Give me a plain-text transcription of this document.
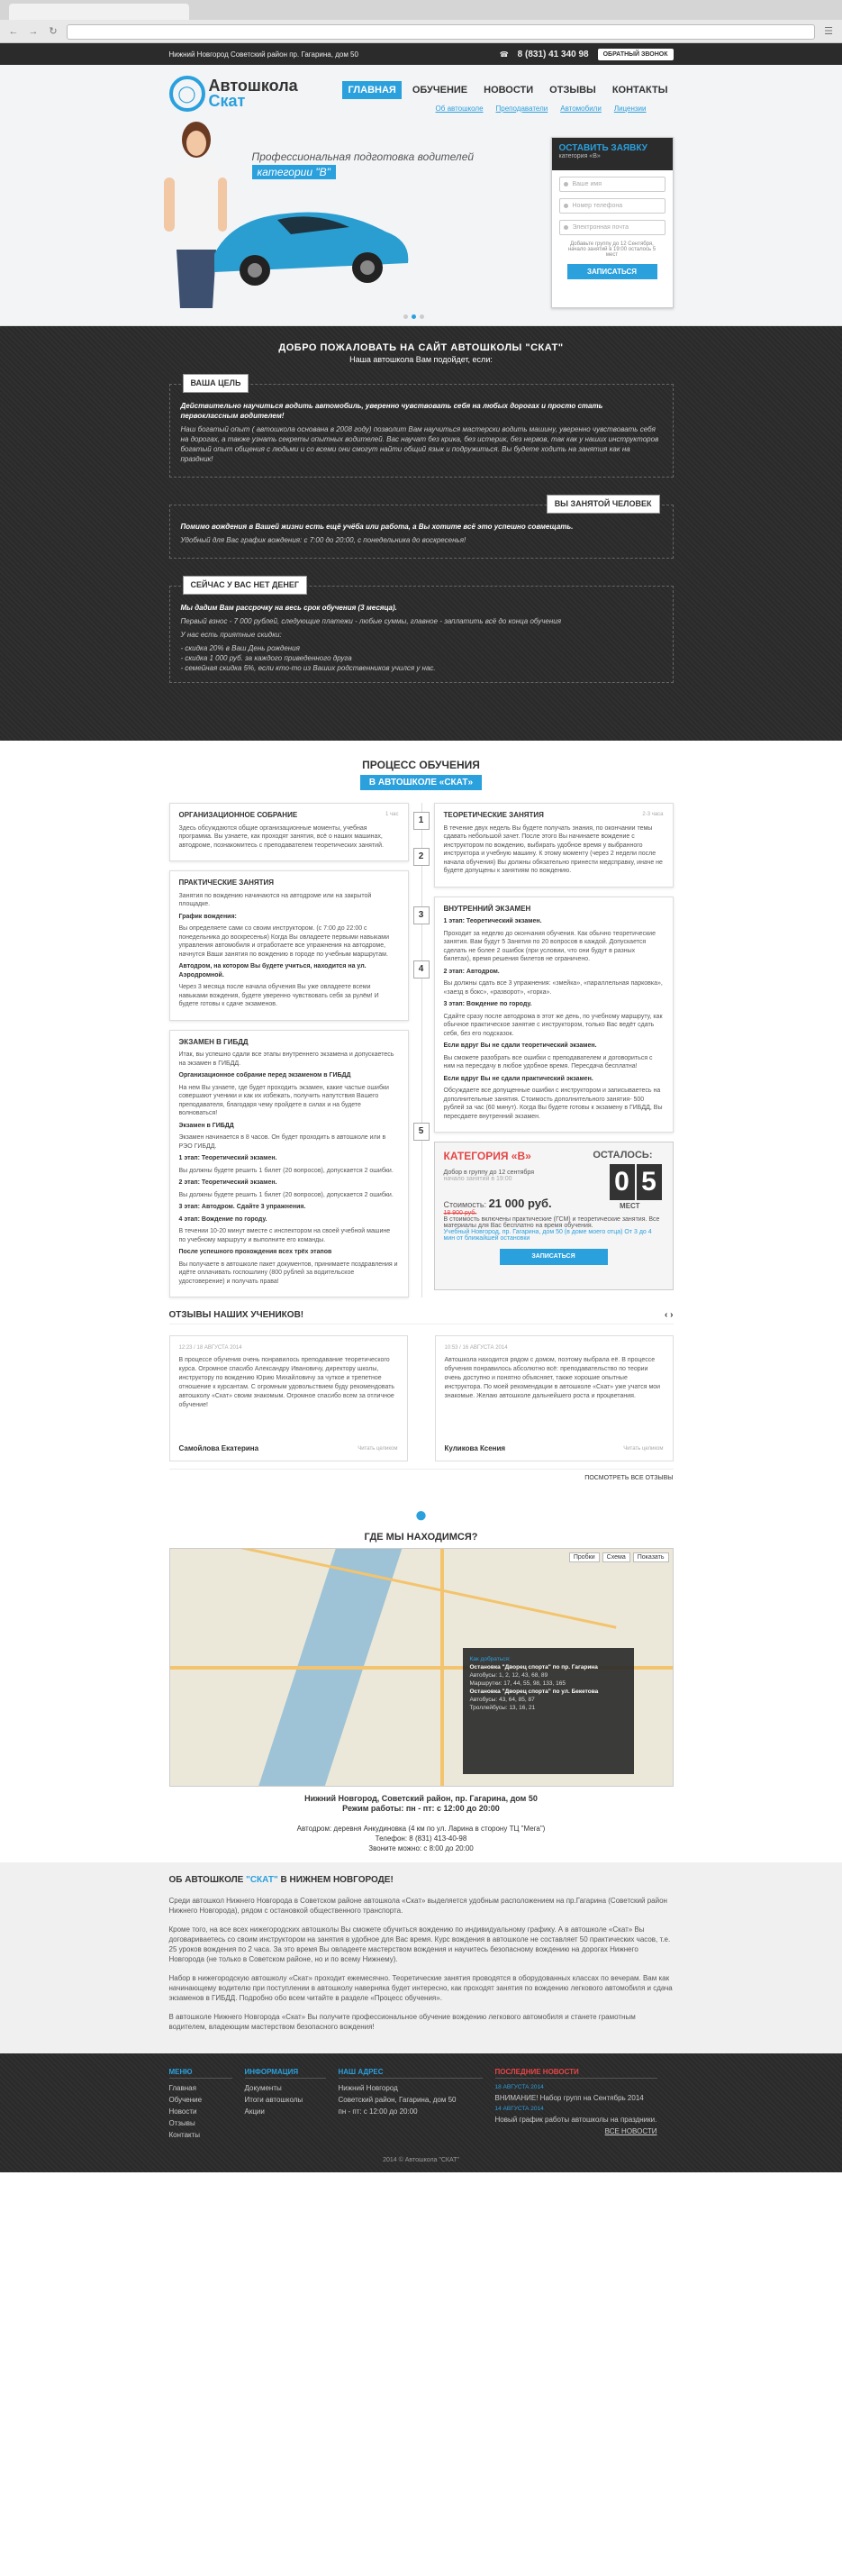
← → ↻	☰
Нижний Новгород Советский район пр. Гагарина, дом 50	☎ 8 (831) 41 340 98	ОБРАТНЫЙ ЗВОНОК
◯ Автошкола
Скат
ГЛАВНАЯ	ОБУЧЕНИЕ	НОВОСТИ	ОТЗЫВЫ	КОНТАКТЫ
Об автошколе Преподаватели Автомобили Лицензии
Профессиональная подготовка водителей
категории "В"
ОСТАВИТЬ ЗАЯВКУ
категория «В»
Ваше имя
Номер телефона
Электронная почта
Добавьте группу до 12 Сентября, начало занятий в 19:00 осталось 5 мест
ЗАПИСАТЬСЯ
ДОБРО ПОЖАЛОВАТЬ НА САЙТ АВТОШКОЛЫ "СКАТ"
Наша автошкола Вам подойдет, если:
ВАША ЦЕЛЬ

Действительно научиться водить автомобиль, уверенно чувствовать себя на любых дорогах и просто стать первоклассным водителем!

Наш богатый опыт ( автошкола основана в 2008 году) позволит Вам научиться мастерски водить машину, уверенно чувствовать себя на дорогах, а также узнать секреты опытных водителей. Вас научат без крика, без истерик, без нервов, так как у наших инструкторов богатый опыт общения с людьми и со всеми они смогут найти общий язык и подружиться. Вы будете ходить на занятия как на праздник!

ВЫ ЗАНЯТОЙ ЧЕЛОВЕК

Помимо вождения в Вашей жизни есть ещё учёба или работа, а Вы хотите всё это успешно совмещать.

Удобный для Вас график вождения: с 7:00 до 20:00, с понедельника до воскресенья!

СЕЙЧАС У ВАС НЕТ ДЕНЕГ

Мы дадим Вам рассрочку на весь срок обучения (3 месяца).

Первый взнос - 7 000 рублей, следующие платежи - любые суммы, главное - заплатить всё до конца обучения

У нас есть приятные скидки:

- скидка 20% в Ваш День рождения
- скидка 1 000 руб. за каждого приведенного друга
- семейная скидка 5%, если кто-то из Ваших родственников учился у нас.
ПРОЦЕСС ОБУЧЕНИЯ
В АВТОШКОЛЕ «СКАТ»
1
2
3
4
5
ОРГАНИЗАЦИОННОЕ СОБРАНИЕ	1 час

Здесь обсуждаются общие организационные моменты, учебная программа. Вы узнаете, как проходят занятия, всё о наших машинах, автодроме, познакомитесь с преподавателем теоретических занятий.

ПРАКТИЧЕСКИЕ ЗАНЯТИЯ

Занятия по вождению начинаются на автодроме или на закрытой площадке.

График вождения:

Вы определяете сами со своим инструктором. (с 7:00 до 22:00 с понедельника до воскресенья) Когда Вы овладеете первыми навыками управления автомобиля и отработаете все упражнения на автодроме, начнутся Ваши занятия по вождению в городе по учебным маршрутам.

Автодром, на котором Вы будете учиться, находится на ул. Аэродромной.

Через 3 месяца после начала обучения Вы уже овладеете всеми навыками вождения, будете уверенно чувствовать себя за рулём! И будете готовы к сдаче экзаменов.

ЭКЗАМЕН В ГИБДД

Итак, вы успешно сдали все этапы внутреннего экзамена и допускаетесь на экзамен в ГИБДД.

Организационное собрание перед экзаменом в ГИБДД

На нем Вы узнаете, где будет проходить экзамен, какие частые ошибки совершают ученики и как их избежать, получить напутствия Вашего преподавателя, благодаря чему пройдете в силах и на будете волноваться!

Экзамен в ГИБДД

Экзамен начинается в 8 часов. Он будет проходить в автошколе или в РЭО ГИБДД.

1 этап: Теоретический экзамен.

Вы должны будете решить 1 билет (20 вопросов), допускается 2 ошибки.

2 этап: Теоретический экзамен.

Вы должны будете решить 1 билет (20 вопросов), допускается 2 ошибки.

3 этап: Автодром. Сдайте 3 упражнения.

4 этап: Вождение по городу.

В течении 10-20 минут вместе с инспектором на своей учебной машине по учебному маршруту и выполните его команды.

После успешного прохождения всех трёх этапов

Вы получаете в автошколе пакет документов, принимаете поздравления и идёте оплачивать госпошлину (800 рублей за водительское удостоверение) и получать права!

ТЕОРЕТИЧЕСКИЕ ЗАНЯТИЯ	2-3 часа

В течение двух недель Вы будете получать знания, по окончании темы сдавать небольшой зачет. После этого Вы начинаете вождение с инструктором по вождению, выбирать удобное время у выбранного инструктора и учебную машину. К этому моменту (через 2 недели после начала обучения) Вы должны обязательно принести медсправку, иначе не будете допущены к занятиям по вождению.

ВНУТРЕННИЙ ЭКЗАМЕН

1 этап: Теоретический экзамен.

Проходит за неделю до окончания обучения. Как обычно теоретические занятия. Вам будут 5 Занятия по 20 вопросов в каждой. Допускается сделать не более 2 ошибок (при условии, что они будут в разных билетах), время решения билетов не ограничено.

2 этап: Автодром.

Вы должны сдать все 3 упражнения: «змейка», «параллельная парковка», «заезд в бокс», «разворот», «горка».

3 этап: Вождение по городу.

Сдайте сразу после автодрома в этот же день, по учебному маршруту, как обычное практическое занятие с инструктором, только Вас ведёт сдать себя, без его подсказок.

Если вдруг Вы не сдали теоретический экзамен.

Вы сможете разобрать все ошибки с преподавателем и договориться с ним на пересдачу в любое удобное время. Пересдача бесплатна!

Если вдруг Вы не сдали практический экзамен.

Обсуждаете все допущенные ошибки с инструктором и записываетесь на дополнительные занятия. Стоимость дополнительного занятия- 500 рублей за час (60 минут). Когда Вы будете готовы к экзамену в ГИБДД, Вы пересдаете внутренний экзамен.

КАТЕГОРИЯ «В»	ОСТАЛОСЬ:
0 5
МЕСТ
Добор в группу до 12 сентября
начало занятий в 19:00
Стоимость: 21 000 руб.
18 900 руб.
В стоимость включены практические (ГСМ) и теоретические занятия. Все материалы для Вас бесплатно на время обучения.
Учебный Новгород, пр. Гагарина, дом 50 (в доме моего отца) От 3 до 4 мин от ближайшей остановки
ЗАПИСАТЬСЯ
ОТЗЫВЫ НАШИХ УЧЕНИКОВ!	‹ ›
12:23 / 18 АВГУСТА 2014
В процессе обучения очень понравилось преподавание теоретического курса. Огромное спасибо Александру Ивановичу, директору школы, инструктору по вождению Юрию Михайловичу за чуткое и трепетное отношение к курсантам. С огромным удовольствием буду рекомендовать автошколу «Скат» своим знакомым. Огромное спасибо всем за отличное обучение!
Самойлова Екатерина	Читать целиком
10:53 / 16 АВГУСТА 2014
Автошкола находится рядом с домом, поэтому выбрала её. В процессе обучения понравилось абсолютно всё: преподавательство по теории очень доступно и понятно объясняет, также хорошие опытные инструктора. По моей рекомендации в автошколе «Скат» уже учатся мои знакомые. Желаю автошколе дальнейшего роста и процветания.
Куликова Ксения	Читать целиком
ПОСМОТРЕТЬ ВСЕ ОТЗЫВЫ
●
ГДЕ МЫ НАХОДИМСЯ?
Пробки	Схема	Показать
Как добраться:
Остановка "Дворец спорта" по пр. Гагарина
Автобусы: 1, 2, 12, 43, 68, 89
Маршрутки: 17, 44, 55, 98, 133, 165
Остановка "Дворец спорта" по ул. Бекетова
Автобусы: 43, 64, 85, 87
Троллейбусы: 13, 16, 21
Нижний Новгород, Советский район, пр. Гагарина, дом 50
Режим работы: пн - пт: с 12:00 до 20:00

Автодром: деревня Анкудиновка (4 км по ул. Ларина в сторону ТЦ "Мега")
Телефон: 8 (831) 413-40-98
Звоните можно: с 8:00 до 20:00
ОБ АВТОШКОЛЕ "СКАТ" В НИЖНЕМ НОВГОРОДЕ!

Среди автошкол Нижнего Новгорода в Советском районе автошкола «Скат» выделяется удобным расположением на пр.Гагарина (Советский район Нижнего Новгорода), рядом с остановкой общественного транспорта.

Кроме того, на все всех нижегородских автошколы Вы сможете обучиться вождению по индивидуальному графику. А в автошколе «Скат» Вы договариваетесь со своим инструктором на занятия в удобное для Вас время. Курс вождения в автошколе не составляет 50 практических часов, т.е. 25 уроков вождения по 2 часа. За это время Вы овладеете мастерством вождения и научитесь безопасному вождению на дорогах Нижнего Новгорода (не только в Советском районе, но и по всему Нижнему).

Набор в нижегородскую автошколу «Скат» проходит ежемесячно. Теоретические занятия проводятся в оборудованных классах по вечерам. Вам как начинающему водителю при поступлении в автошколу наверняка будет интересно, как проходят занятия по вождению легкового автомобиля и сдача экзаменов в ГИБДД. Подробно обо всем читайте в разделе «Процесс обучения».

В автошколе Нижнего Новгорода «Скат» Вы получите профессиональное обучение вождению легкового автомобиля и станете грамотным водителем, владеющим мастерством безопасного вождения!

МЕНЮ
Главная
Обучение
Новости
Отзывы
Контакты
ИНФОРМАЦИЯ
Документы
Итоги автошколы
Акции
НАШ АДРЕС
Нижний Новгород
Советский район, Гагарина, дом 50
пн - пт: с 12:00 до 20:00
ПОСЛЕДНИЕ НОВОСТИ
18 АВГУСТА 2014
ВНИМАНИЕ! Набор групп на Сентябрь 2014
14 АВГУСТА 2014
Новый график работы автошколы на праздники.
ВСЕ НОВОСТИ
2014 © Автошкола "СКАТ"
